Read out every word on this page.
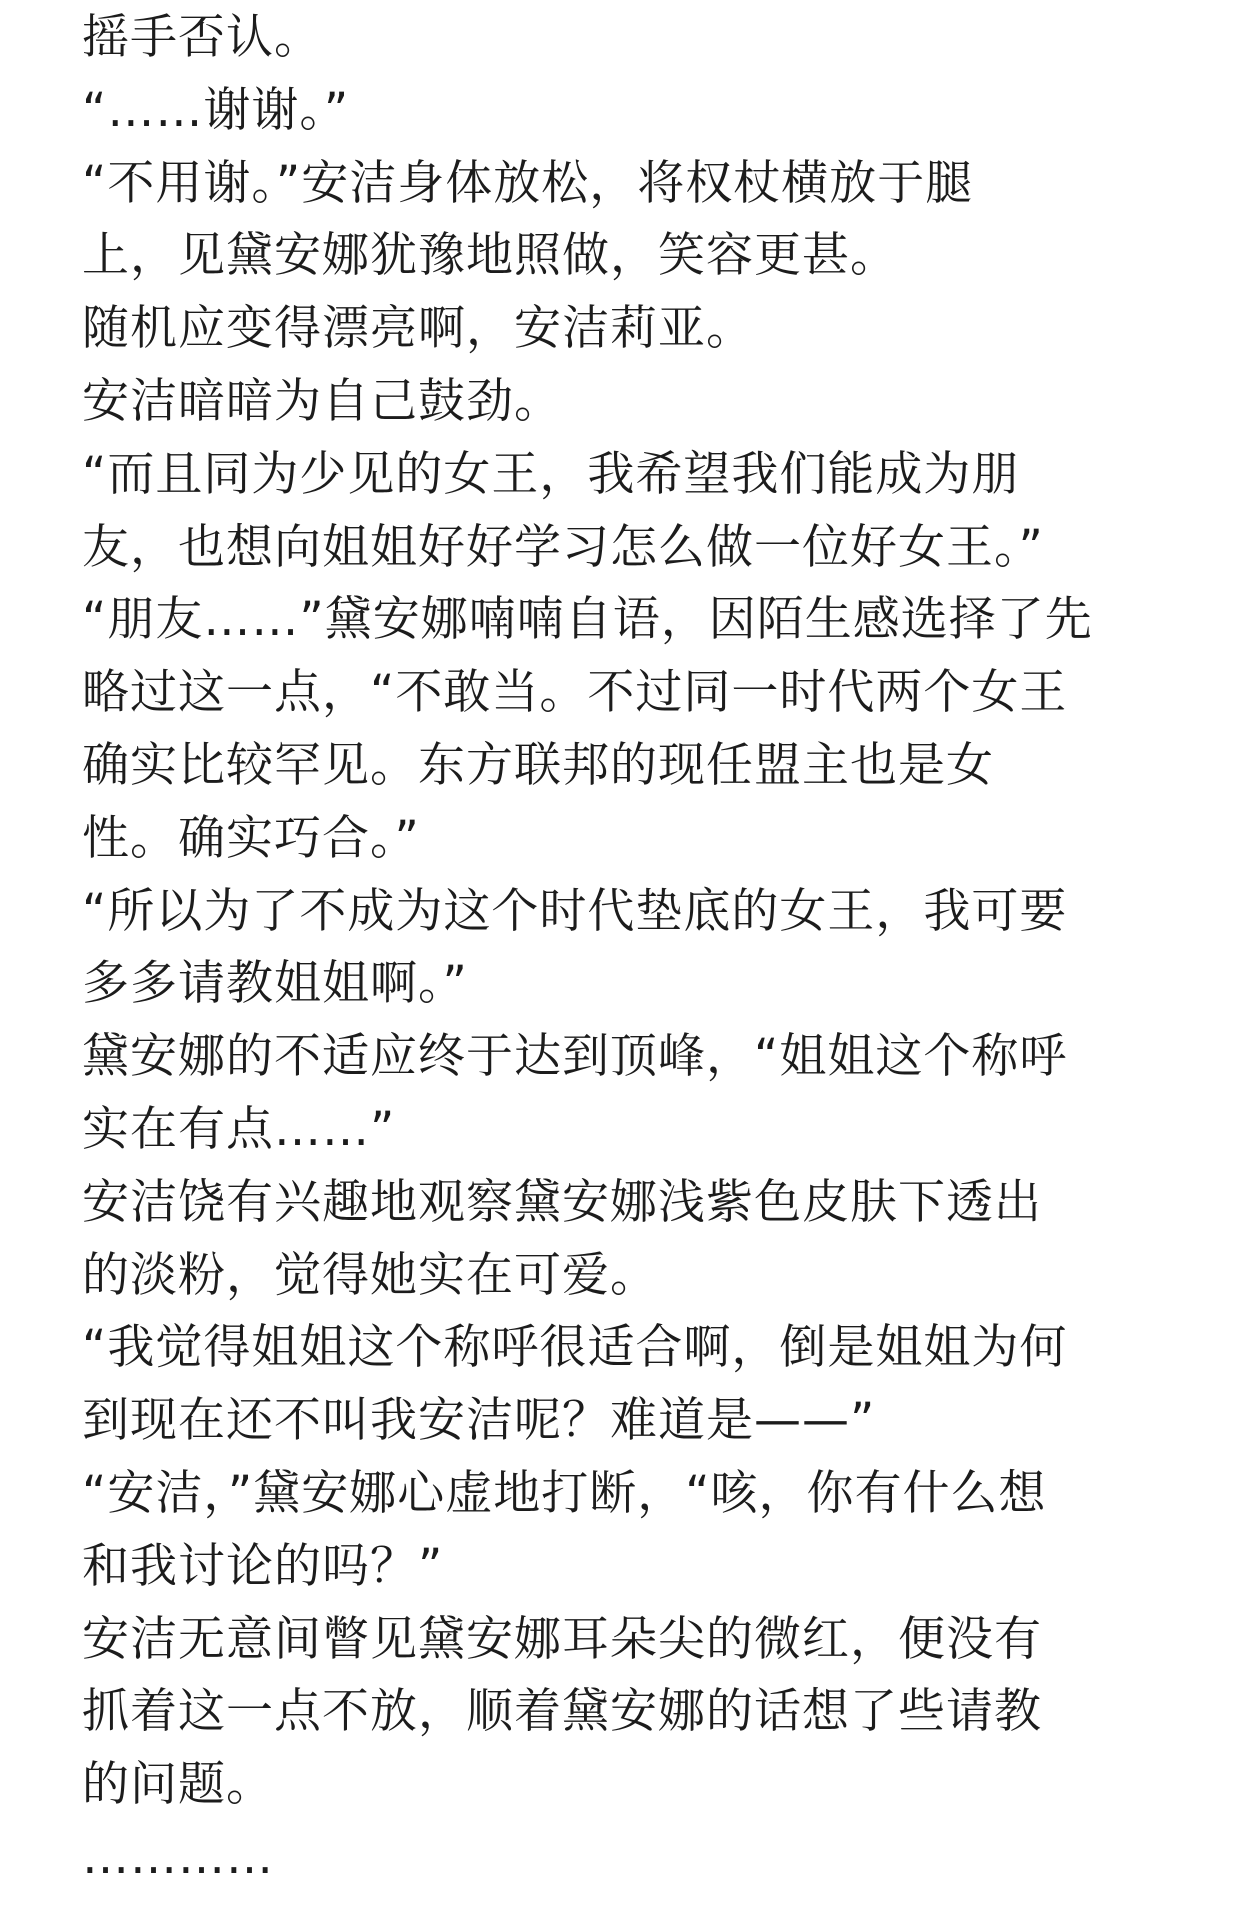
摇手否认。
“……谢谢。”
“不用谢。”安洁身体放松，将权杖横放于腿
上，见黛安娜犹豫地照做，笑容更甚。
随机应变得漂亮啊，安洁莉亚。
安洁暗暗为自己鼓劲。
“而且同为少见的女王，我希望我们能成为朋
友，也想向姐姐好好学习怎么做一位好女王。”
“朋友……”黛安娜喃喃自语，因陌生感选择了先
略过这一点，“不敢当。不过同一时代两个女王
确实比较罕见。东方联邦的现任盟主也是女
性。确实巧合。”
“所以为了不成为这个时代垫底的女王，我可要
多多请教姐姐啊。”
黛安娜的不适应终于达到顶峰，“姐姐这个称呼
实在有点……”
安洁饶有兴趣地观察黛安娜浅紫色皮肤下透出
的淡粉，觉得她实在可爱。
“我觉得姐姐这个称呼很适合啊，倒是姐姐为何
到现在还不叫我安洁呢？难道是——”
“安洁，”黛安娜心虚地打断，“咳，你有什么想
和我讨论的吗？”
安洁无意间瞥见黛安娜耳朵尖的微红，便没有
抓着这一点不放，顺着黛安娜的话想了些请教
的问题。
…………
